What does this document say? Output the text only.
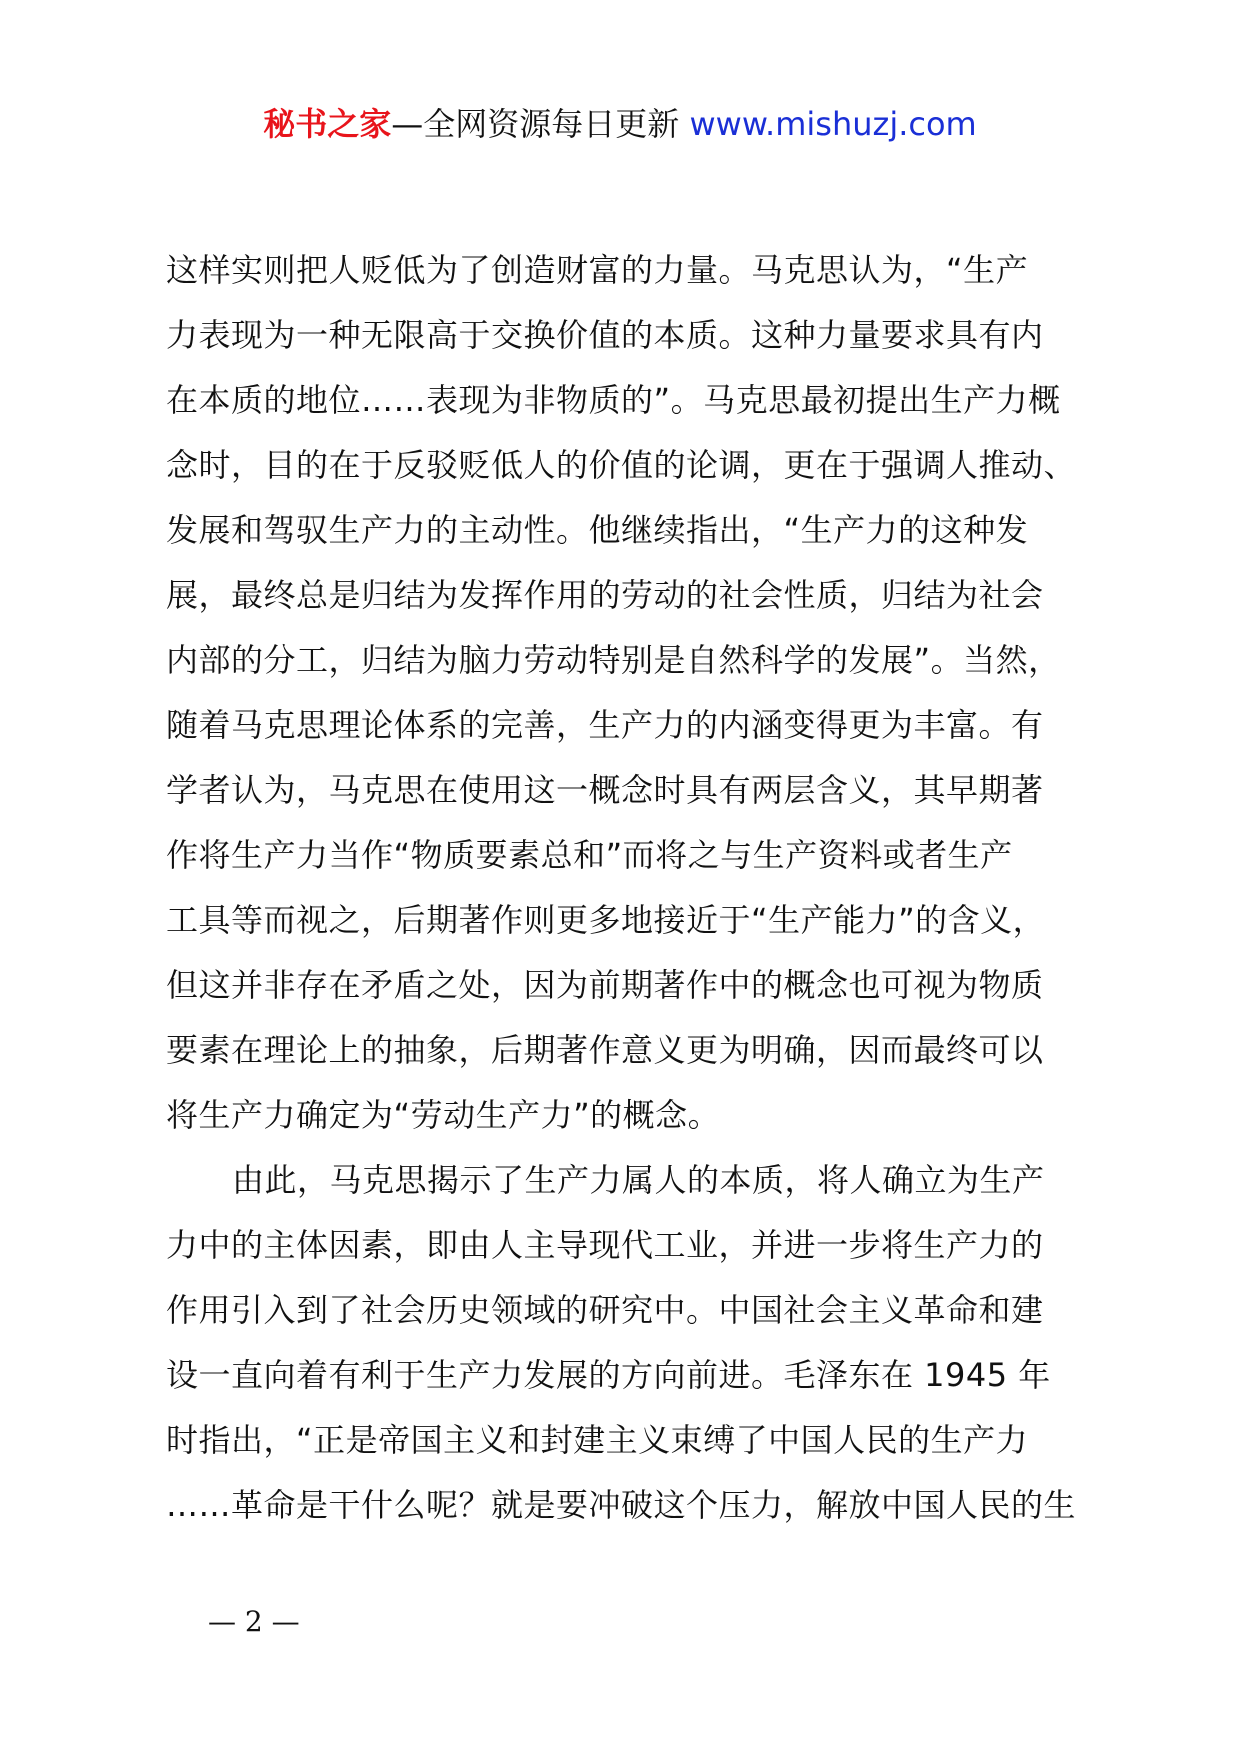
秘书之家—全网资源每日更新 www.mishuzj.com
这样实则把人贬低为了创造财富的力量。马克思认为，“生产
力表现为一种无限高于交换价值的本质。这种力量要求具有内
在本质的地位……表现为非物质的”。马克思最初提出生产力概
念时，目的在于反驳贬低人的价值的论调，更在于强调人推动、
发展和驾驭生产力的主动性。他继续指出，“生产力的这种发
展，最终总是归结为发挥作用的劳动的社会性质，归结为社会
内部的分工，归结为脑力劳动特别是自然科学的发展”。当然，
随着马克思理论体系的完善，生产力的内涵变得更为丰富。有
学者认为，马克思在使用这一概念时具有两层含义，其早期著
作将生产力当作“物质要素总和”而将之与生产资料或者生产
工具等而视之，后期著作则更多地接近于“生产能力”的含义，
但这并非存在矛盾之处，因为前期著作中的概念也可视为物质
要素在理论上的抽象，后期著作意义更为明确，因而最终可以
将生产力确定为“劳动生产力”的概念。
由此，马克思揭示了生产力属人的本质，将人确立为生产
力中的主体因素，即由人主导现代工业，并进一步将生产力的
作用引入到了社会历史领域的研究中。中国社会主义革命和建
设一直向着有利于生产力发展的方向前进。毛泽东在 1945 年
时指出，“正是帝国主义和封建主义束缚了中国人民的生产力
……革命是干什么呢？就是要冲破这个压力，解放中国人民的生
— 2 —
